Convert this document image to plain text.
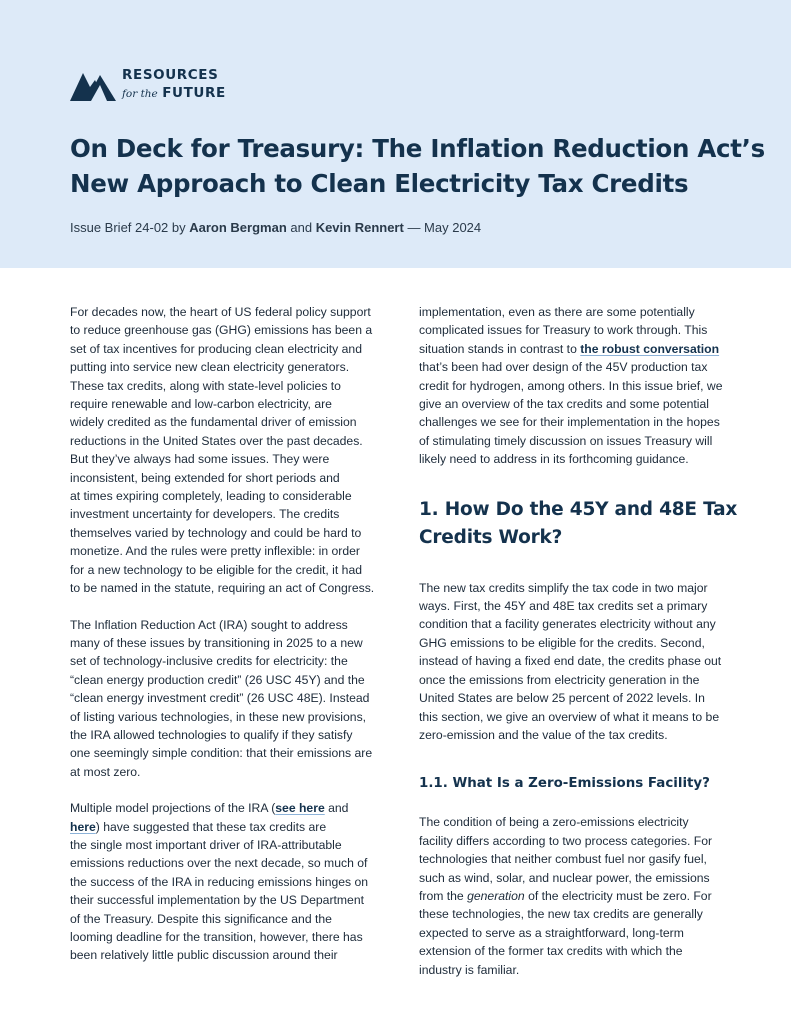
RESOURCES
for the FUTURE
On Deck for Treasury: The Inflation Reduction Act’s
New Approach to Clean Electricity Tax Credits
Issue Brief 24-02 by Aaron Bergman and Kevin Rennert — May 2024

For decades now, the heart of US federal policy support
to reduce greenhouse gas (GHG) emissions has been a
set of tax incentives for producing clean electricity and
putting into service new clean electricity generators.
These tax credits, along with state-level policies to
require renewable and low-carbon electricity, are
widely credited as the fundamental driver of emission
reductions in the United States over the past decades.
But they’ve always had some issues. They were
inconsistent, being extended for short periods and
at times expiring completely, leading to considerable
investment uncertainty for developers. The credits
themselves varied by technology and could be hard to
monetize. And the rules were pretty inflexible: in order
for a new technology to be eligible for the credit, it had
to be named in the statute, requiring an act of Congress.

The Inflation Reduction Act (IRA) sought to address
many of these issues by transitioning in 2025 to a new
set of technology-inclusive credits for electricity: the
“clean energy production credit” (26 USC 45Y) and the
“clean energy investment credit” (26 USC 48E). Instead
of listing various technologies, in these new provisions,
the IRA allowed technologies to qualify if they satisfy
one seemingly simple condition: that their emissions are
at most zero.

Multiple model projections of the IRA (see here and
here) have suggested that these tax credits are
the single most important driver of IRA-attributable
emissions reductions over the next decade, so much of
the success of the IRA in reducing emissions hinges on
their successful implementation by the US Department
of the Treasury. Despite this significance and the
looming deadline for the transition, however, there has
been relatively little public discussion around their

implementation, even as there are some potentially
complicated issues for Treasury to work through. This
situation stands in contrast to the robust conversation
that’s been had over design of the 45V production tax
credit for hydrogen, among others. In this issue brief, we
give an overview of the tax credits and some potential
challenges we see for their implementation in the hopes
of stimulating timely discussion on issues Treasury will
likely need to address in its forthcoming guidance.

1. How Do the 45Y and 48E Tax
Credits Work?

The new tax credits simplify the tax code in two major
ways. First, the 45Y and 48E tax credits set a primary
condition that a facility generates electricity without any
GHG emissions to be eligible for the credits. Second,
instead of having a fixed end date, the credits phase out
once the emissions from electricity generation in the
United States are below 25 percent of 2022 levels. In
this section, we give an overview of what it means to be
zero-emission and the value of the tax credits.

1.1. What Is a Zero-Emissions Facility?

The condition of being a zero-emissions electricity
facility differs according to two process categories. For
technologies that neither combust fuel nor gasify fuel,
such as wind, solar, and nuclear power, the emissions
from the generation of the electricity must be zero. For
these technologies, the new tax credits are generally
expected to serve as a straightforward, long-term
extension of the former tax credits with which the
industry is familiar.
